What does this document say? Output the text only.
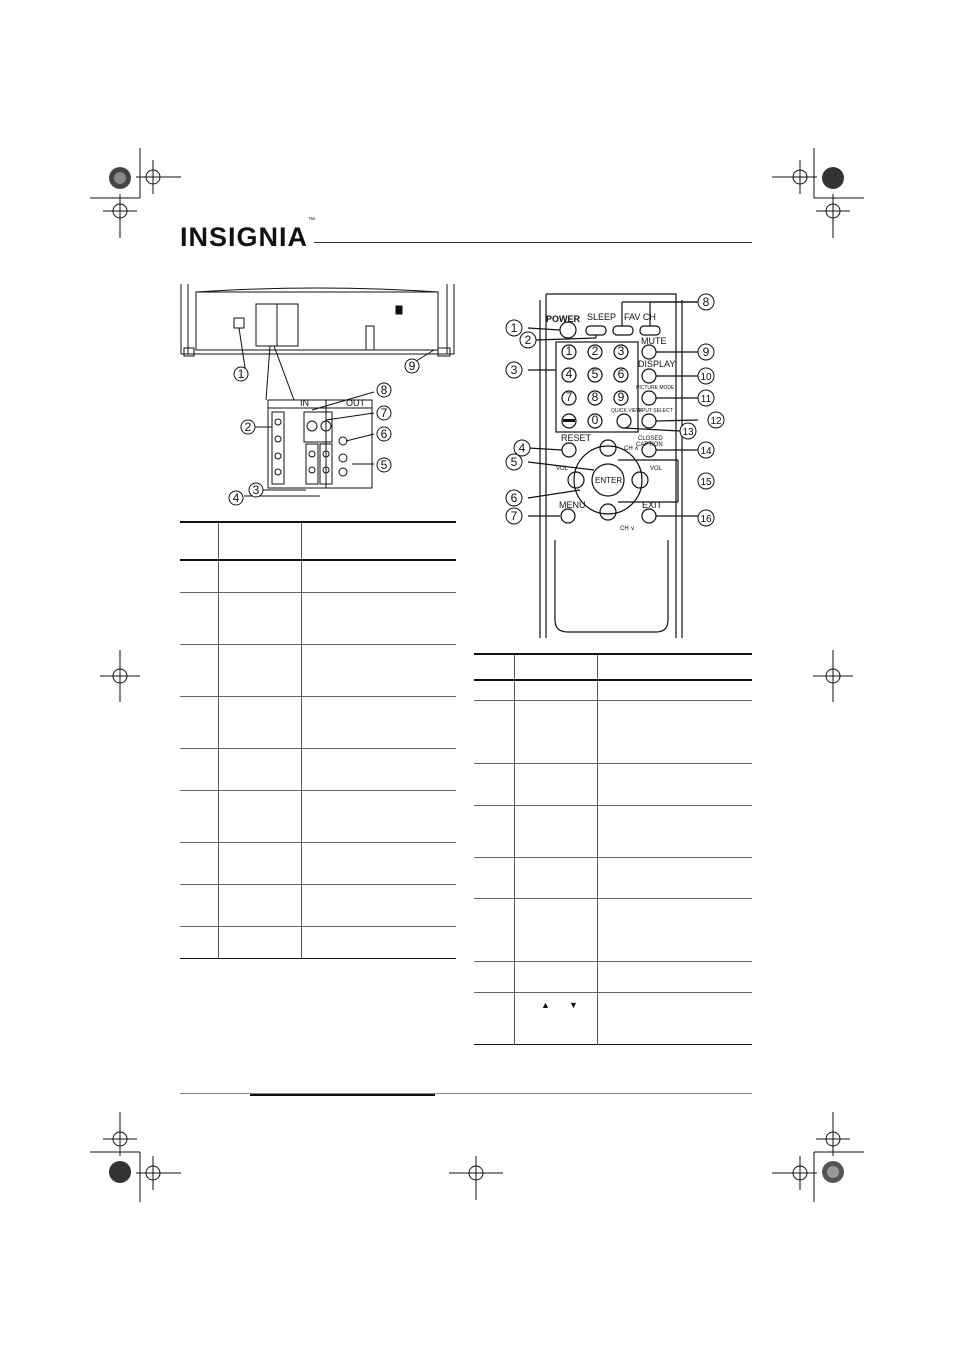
INSIGNIA™
IN	OUT
1
2
3
4
5
6
7
8
9

POWER SLEEP FAV CH
MUTE
DISPLAY
PICTURE MODE
QUICK VIEW
INPUT SELECT
RESET	CLOSED
CAPTION
ENTER
VOL	VOL
CH ∧
CH ∨
MENU	EXIT
1 2 3
4 5 6
7 8 9
0
1
2
3
4
5
6
7
8
9
10
11
12
13
14
15
16

	▲ ▼	
